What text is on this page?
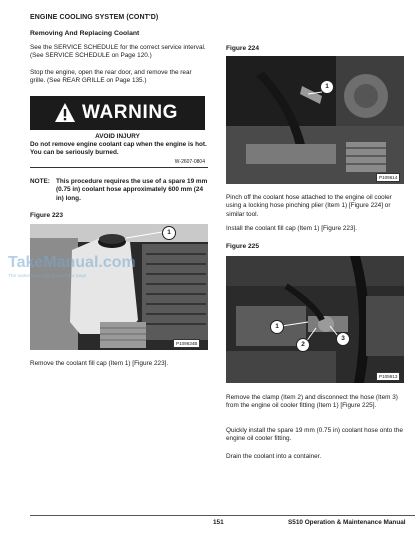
ENGINE COOLING SYSTEM (CONT'D)
Removing And Replacing Coolant
See the SERVICE SCHEDULE for the correct service interval. (See SERVICE SCHEDULE on Page 120.)
Stop the engine, open the rear door, and remove the rear grille. (See REAR GRILLE on Page 135.)
WARNING
AVOID INJURY
Do not remove engine coolant cap when the engine is hot. You can be seriously burned.
W-2607-0804
NOTE: This procedure requires the use of a spare 19 mm (0.75 in) coolant hose approximately 600 mm (24 in) long.
Figure 223
1
P109634B
Remove the coolant fill cap (Item 1) [Figure 223].
TakeManual.com
The watermark only on preview page
Figure 224
1
P109614
Pinch off the coolant hose attached to the engine oil cooler using a locking hose pinching plier (Item 1) [Figure 224] or similar tool.
Install the coolant fill cap (Item 1) [Figure 223].
Figure 225
1
2
3
P109613
Remove the clamp (Item 2) and disconnect the hose (Item 3) from the engine oil cooler fitting (Item 1) [Figure 225].
Quickly install the spare 19 mm (0.75 in) coolant hose onto the engine oil cooler fitting.
Drain the coolant into a container.
151	S510 Operation & Maintenance Manual
